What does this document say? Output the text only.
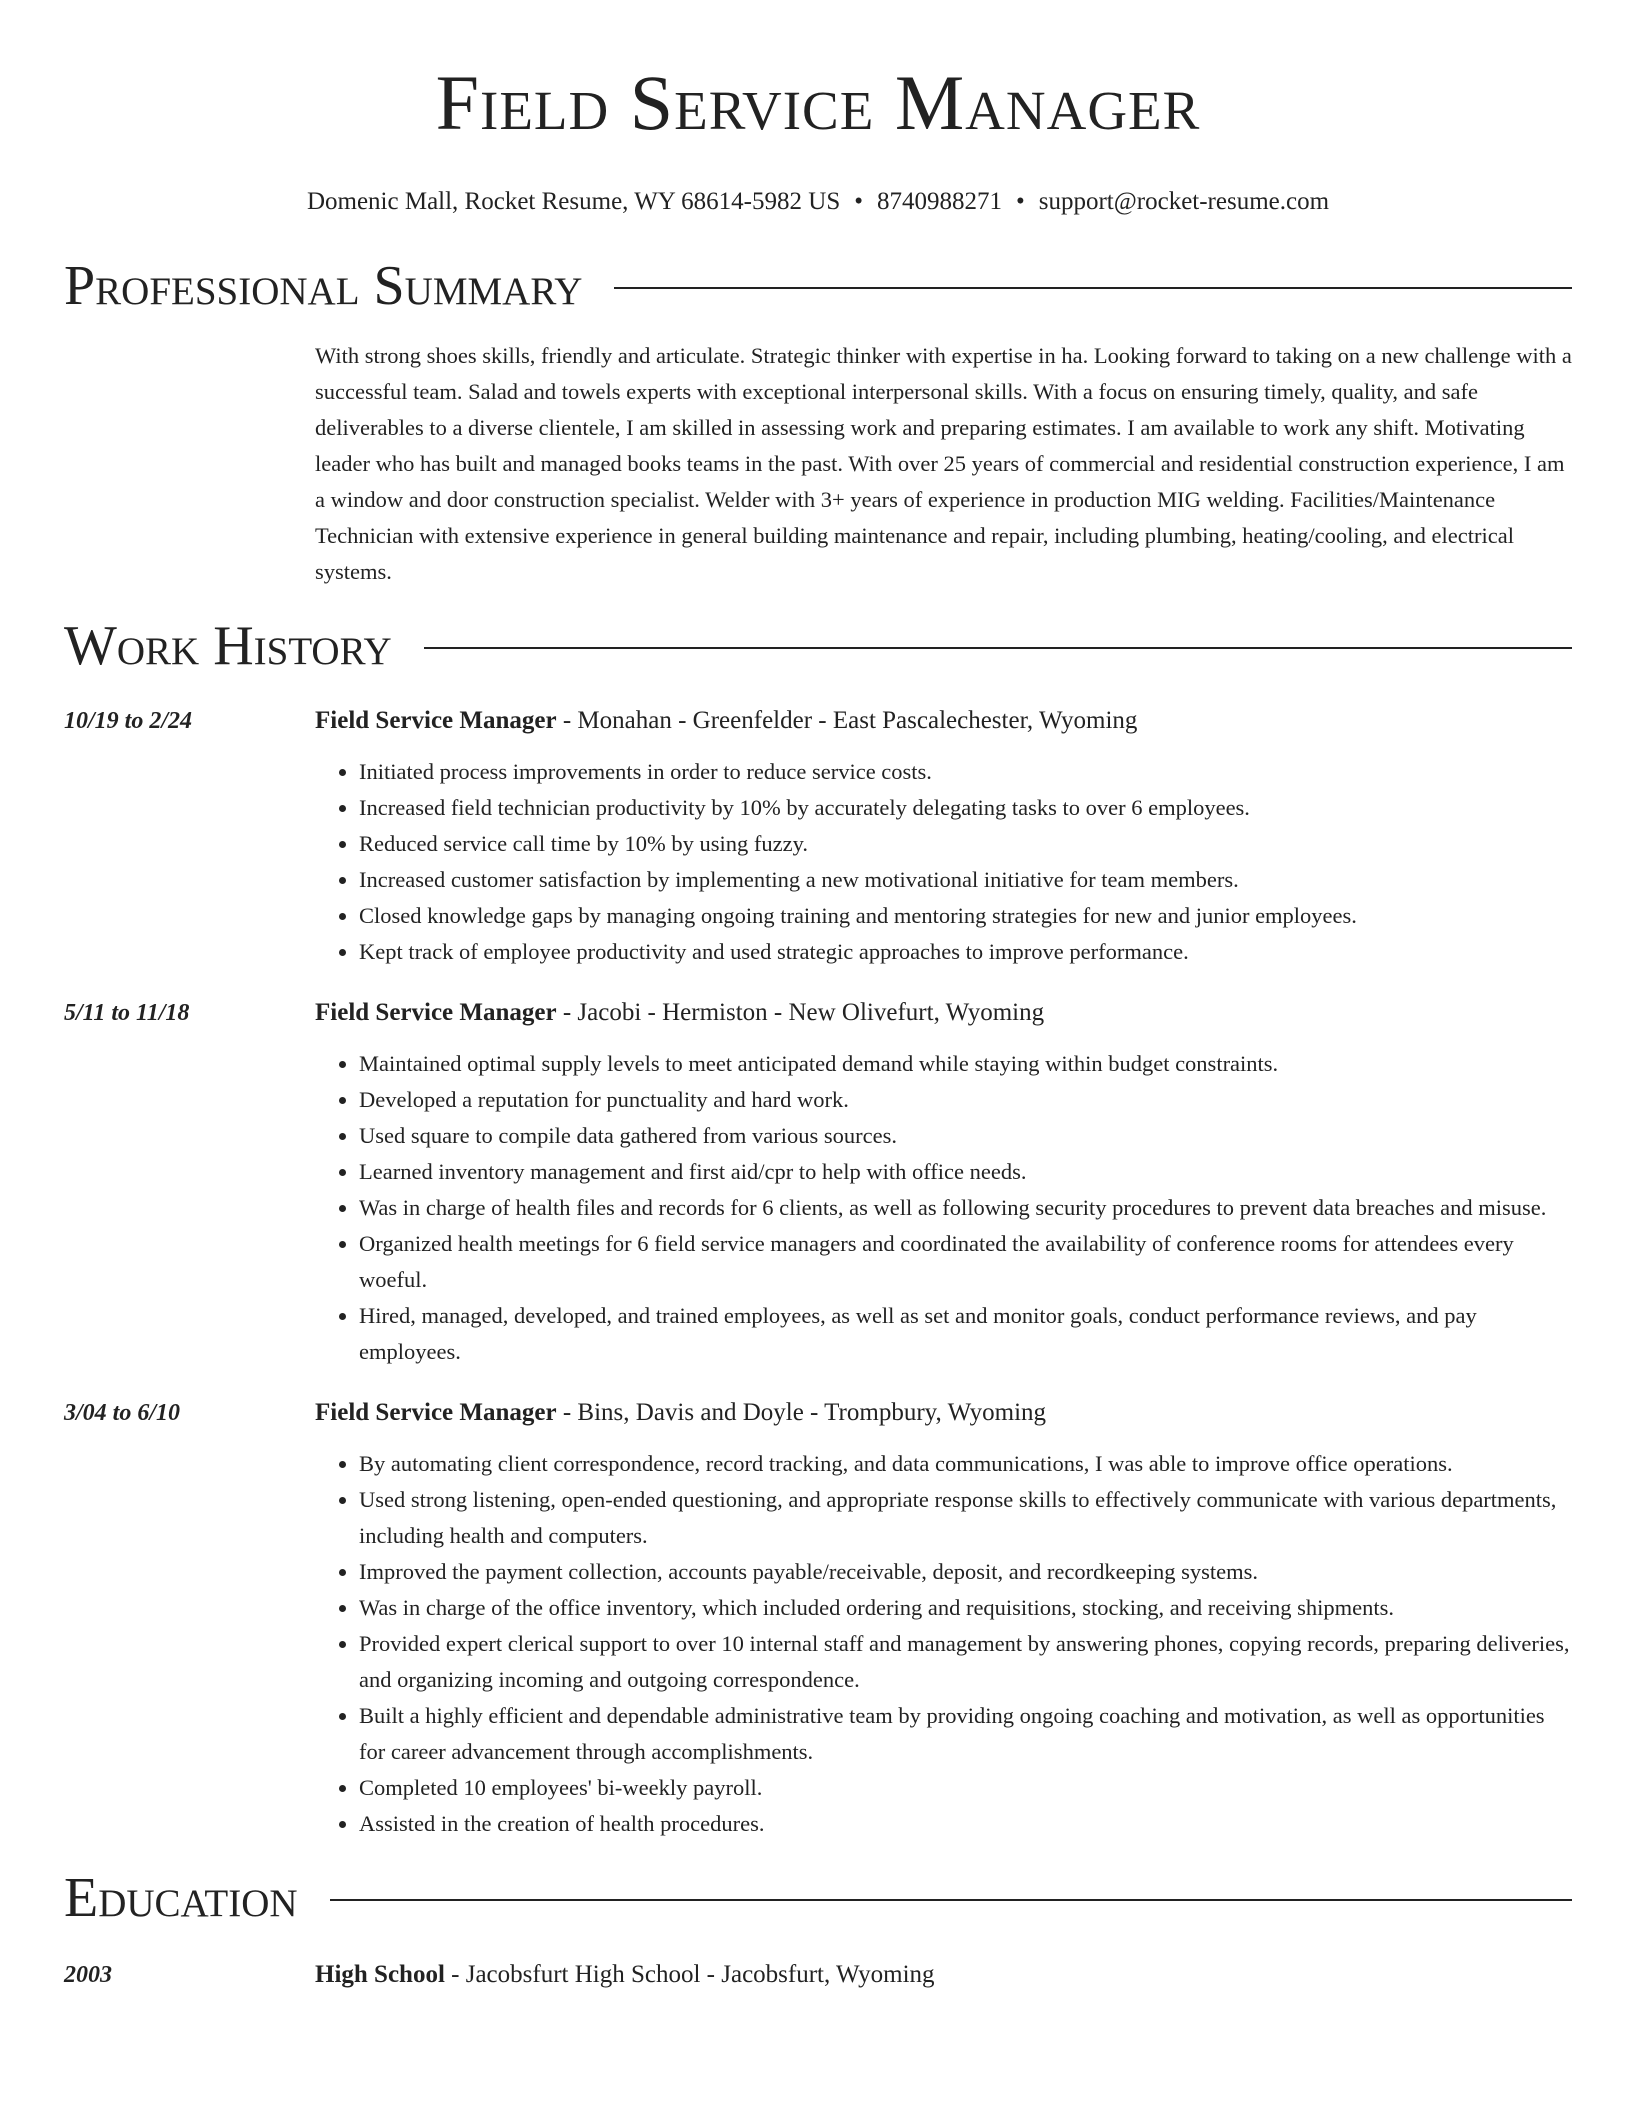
Field Service Manager
Domenic Mall, Rocket Resume, WY 68614-5982 US • 8740988271 • support@rocket-resume.com
Professional Summary
With strong shoes skills, friendly and articulate. Strategic thinker with expertise in ha. Looking forward to taking on a new challenge with a successful team. Salad and towels experts with exceptional interpersonal skills. With a focus on ensuring timely, quality, and safe deliverables to a diverse clientele, I am skilled in assessing work and preparing estimates. I am available to work any shift. Motivating leader who has built and managed books teams in the past. With over 25 years of commercial and residential construction experience, I am a window and door construction specialist. Welder with 3+ years of experience in production MIG welding. Facilities/Maintenance Technician with extensive experience in general building maintenance and repair, including plumbing, heating/cooling, and electrical systems.
Work History
10/19 to 2/24	Field Service Manager - Monahan - Greenfelder - East Pascalechester, Wyoming
• Initiated process improvements in order to reduce service costs.
• Increased field technician productivity by 10% by accurately delegating tasks to over 6 employees.
• Reduced service call time by 10% by using fuzzy.
• Increased customer satisfaction by implementing a new motivational initiative for team members.
• Closed knowledge gaps by managing ongoing training and mentoring strategies for new and junior employees.
• Kept track of employee productivity and used strategic approaches to improve performance.
5/11 to 11/18	Field Service Manager - Jacobi - Hermiston - New Olivefurt, Wyoming
• Maintained optimal supply levels to meet anticipated demand while staying within budget constraints.
• Developed a reputation for punctuality and hard work.
• Used square to compile data gathered from various sources.
• Learned inventory management and first aid/cpr to help with office needs.
• Was in charge of health files and records for 6 clients, as well as following security procedures to prevent data breaches and misuse.
• Organized health meetings for 6 field service managers and coordinated the availability of conference rooms for attendees every woeful.
• Hired, managed, developed, and trained employees, as well as set and monitor goals, conduct performance reviews, and pay employees.
3/04 to 6/10	Field Service Manager - Bins, Davis and Doyle - Trompbury, Wyoming
• By automating client correspondence, record tracking, and data communications, I was able to improve office operations.
• Used strong listening, open-ended questioning, and appropriate response skills to effectively communicate with various departments, including health and computers.
• Improved the payment collection, accounts payable/receivable, deposit, and recordkeeping systems.
• Was in charge of the office inventory, which included ordering and requisitions, stocking, and receiving shipments.
• Provided expert clerical support to over 10 internal staff and management by answering phones, copying records, preparing deliveries, and organizing incoming and outgoing correspondence.
• Built a highly efficient and dependable administrative team by providing ongoing coaching and motivation, as well as opportunities for career advancement through accomplishments.
• Completed 10 employees' bi-weekly payroll.
• Assisted in the creation of health procedures.
Education
2003	High School - Jacobsfurt High School - Jacobsfurt, Wyoming
